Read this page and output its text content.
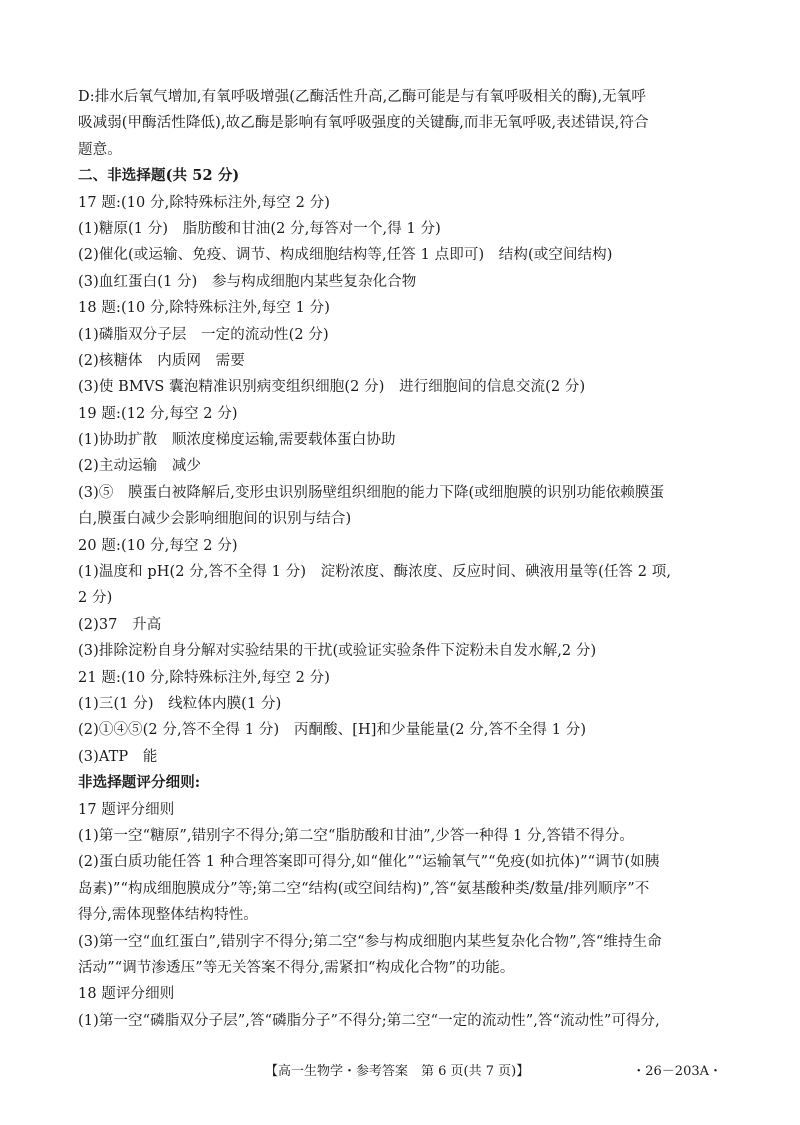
D:排水后氧气增加,有氧呼吸增强(乙酶活性升高,乙酶可能是与有氧呼吸相关的酶),无氧呼
吸减弱(甲酶活性降低),故乙酶是影响有氧呼吸强度的关键酶,而非无氧呼吸,表述错误,符合
题意。
二、非选择题(共 52 分)
17 题:(10 分,除特殊标注外,每空 2 分)
(1)糖原(1 分)　脂肪酸和甘油(2 分,每答对一个,得 1 分)
(2)催化(或运输、免疫、调节、构成细胞结构等,任答 1 点即可)　结构(或空间结构)
(3)血红蛋白(1 分)　参与构成细胞内某些复杂化合物
18 题:(10 分,除特殊标注外,每空 1 分)
(1)磷脂双分子层　一定的流动性(2 分)
(2)核糖体　内质网　需要
(3)使 BMVS 囊泡精准识别病变组织细胞(2 分)　进行细胞间的信息交流(2 分)
19 题:(12 分,每空 2 分)
(1)协助扩散　顺浓度梯度运输,需要载体蛋白协助
(2)主动运输　减少
(3)⑤　膜蛋白被降解后,变形虫识别肠壁组织细胞的能力下降(或细胞膜的识别功能依赖膜蛋
白,膜蛋白减少会影响细胞间的识别与结合)
20 题:(10 分,每空 2 分)
(1)温度和 pH(2 分,答不全得 1 分)　淀粉浓度、酶浓度、反应时间、碘液用量等(任答 2 项,
2 分)
(2)37　升高
(3)排除淀粉自身分解对实验结果的干扰(或验证实验条件下淀粉未自发水解,2 分)
21 题:(10 分,除特殊标注外,每空 2 分)
(1)三(1 分)　线粒体内膜(1 分)
(2)①④⑤(2 分,答不全得 1 分)　丙酮酸、[H]和少量能量(2 分,答不全得 1 分)
(3)ATP　能
非选择题评分细则:
17 题评分细则
(1)第一空“糖原”,错别字不得分;第二空“脂肪酸和甘油”,少答一种得 1 分,答错不得分。
(2)蛋白质功能任答 1 种合理答案即可得分,如“催化”“运输氧气”“免疫(如抗体)”“调节(如胰
岛素)”“构成细胞膜成分”等;第二空“结构(或空间结构)”,答“氨基酸种类/数量/排列顺序”不
得分,需体现整体结构特性。
(3)第一空“血红蛋白”,错别字不得分;第二空“参与构成细胞内某些复杂化合物”,答“维持生命
活动”“调节渗透压”等无关答案不得分,需紧扣“构成化合物”的功能。
18 题评分细则
(1)第一空“磷脂双分子层”,答“磷脂分子”不得分;第二空“一定的流动性”,答“流动性”可得分,
【高一生物学・参考答案　第 6 页(共 7 页)】	・26－203A・
